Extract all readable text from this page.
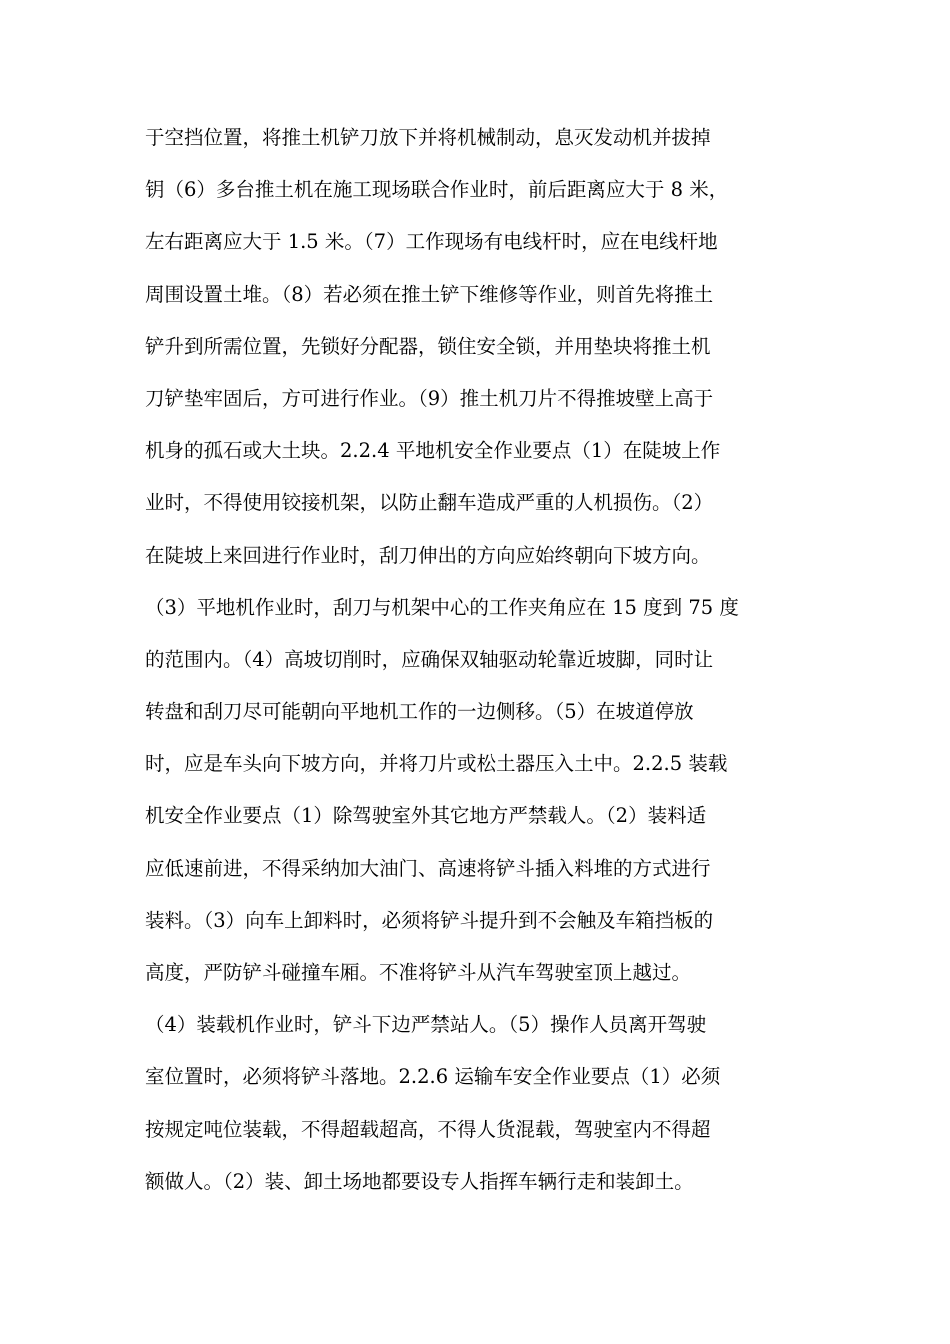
于空挡位置，将推土机铲刀放下并将机械制动，息灭发动机并拔掉
钥（6）多台推土机在施工现场联合作业时，前后距离应大于 8 米，
左右距离应大于 1.5 米。（7）工作现场有电线杆时，应在电线杆地
周围设置土堆。（8）若必须在推土铲下维修等作业，则首先将推土
铲升到所需位置，先锁好分配器，锁住安全锁，并用垫块将推土机
刀铲垫牢固后，方可进行作业。（9）推土机刀片不得推坡壁上高于
机身的孤石或大土块。2.2.4 平地机安全作业要点（1）在陡坡上作
业时，不得使用铰接机架，以防止翻车造成严重的人机损伤。（2）
在陡坡上来回进行作业时，刮刀伸出的方向应始终朝向下坡方向。
（3）平地机作业时，刮刀与机架中心的工作夹角应在 15 度到 75 度
的范围内。（4）高坡切削时，应确保双轴驱动轮靠近坡脚，同时让
转盘和刮刀尽可能朝向平地机工作的一边侧移。（5）在坡道停放
时，应是车头向下坡方向，并将刀片或松土器压入土中。2.2.5 装载
机安全作业要点（1）除驾驶室外其它地方严禁载人。（2）装料适
应低速前进，不得采纳加大油门、高速将铲斗插入料堆的方式进行
装料。（3）向车上卸料时，必须将铲斗提升到不会触及车箱挡板的
高度，严防铲斗碰撞车厢。不准将铲斗从汽车驾驶室顶上越过。
（4）装载机作业时，铲斗下边严禁站人。（5）操作人员离开驾驶
室位置时，必须将铲斗落地。2.2.6 运输车安全作业要点（1）必须
按规定吨位装载，不得超载超高，不得人货混载，驾驶室内不得超
额做人。（2）装、卸土场地都要设专人指挥车辆行走和装卸土。
